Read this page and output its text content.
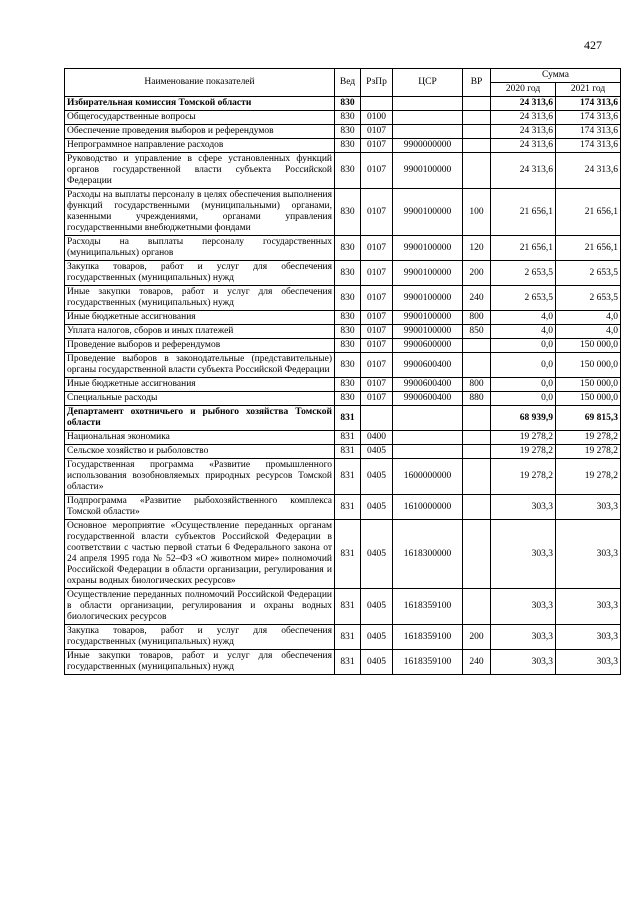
427
Наименование показателей	Вед	РзПр	ЦСР	ВР	Сумма	
					2020 год	2021 год
Избирательная комиссия Томской области	830				24 313,6	174 313,6
Общегосударственные вопросы	830	0100			24 313,6	174 313,6
Обеспечение проведения выборов и референдумов	830	0107			24 313,6	174 313,6
Непрограммное направление расходов	830	0107	9900000000		24 313,6	174 313,6
Руководство и управление в сфере установленных функций органов государственной власти субъекта Российской Федерации	830	0107	9900100000		24 313,6	24 313,6
Расходы на выплаты персоналу в целях обеспечения выполнения функций государственными (муниципальными) органами, казенными учреждениями, органами управления государственными внебюджетными фондами	830	0107	9900100000	100	21 656,1	21 656,1
Расходы на выплаты персоналу государственных (муниципальных) органов	830	0107	9900100000	120	21 656,1	21 656,1
Закупка товаров, работ и услуг для обеспечения государственных (муниципальных) нужд	830	0107	9900100000	200	2 653,5	2 653,5
Иные закупки товаров, работ и услуг для обеспечения государственных (муниципальных) нужд	830	0107	9900100000	240	2 653,5	2 653,5
Иные бюджетные ассигнования	830	0107	9900100000	800	4,0	4,0
Уплата налогов, сборов и иных платежей	830	0107	9900100000	850	4,0	4,0
Проведение выборов и референдумов	830	0107	9900600000		0,0	150 000,0
Проведение выборов в законодательные (представительные) органы государственной власти субъекта Российской Федерации	830	0107	9900600400		0,0	150 000,0
Иные бюджетные ассигнования	830	0107	9900600400	800	0,0	150 000,0
Специальные расходы	830	0107	9900600400	880	0,0	150 000,0
Департамент охотничьего и рыбного хозяйства Томской области	831				68 939,9	69 815,3
Национальная экономика	831	0400			19 278,2	19 278,2
Сельское хозяйство и рыболовство	831	0405			19 278,2	19 278,2
Государственная программа «Развитие промышленного использования возобновляемых природных ресурсов Томской области»	831	0405	1600000000		19 278,2	19 278,2
Подпрограмма «Развитие рыбохозяйственного комплекса Томской области»	831	0405	1610000000		303,3	303,3
Основное мероприятие «Осуществление переданных органам государственной власти субъектов Российской Федерации в соответствии с частью первой статьи 6 Федерального закона от 24 апреля 1995 года № 52–ФЗ «О животном мире» полномочий Российской Федерации в области организации, регулирования и охраны водных биологических ресурсов»	831	0405	1618300000		303,3	303,3
Осуществление переданных полномочий Российской Федерации в области организации, регулирования и охраны водных биологических ресурсов	831	0405	1618359100		303,3	303,3
Закупка товаров, работ и услуг для обеспечения государственных (муниципальных) нужд	831	0405	1618359100	200	303,3	303,3
Иные закупки товаров, работ и услуг для обеспечения государственных (муниципальных) нужд	831	0405	1618359100	240	303,3	303,3
